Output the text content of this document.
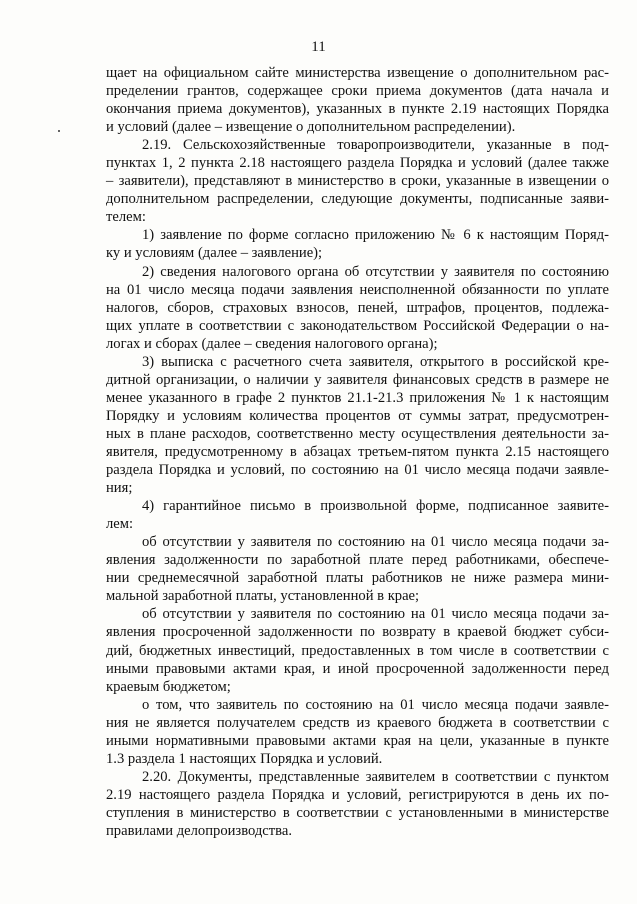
11
щает на официальном сайте министерства извещение о дополнительном рас-
пределении грантов, содержащее сроки приема документов (дата начала и
окончания приема документов), указанных в пункте 2.19 настоящих Порядка
и условий (далее – извещение о дополнительном распределении).
2.19. Сельскохозяйственные товаропроизводители, указанные в под-
пунктах 1, 2 пункта 2.18 настоящего раздела Порядка и условий (далее также
– заявители), представляют в министерство в сроки, указанные в извещении о
дополнительном распределении, следующие документы, подписанные заяви-
телем:
1) заявление по форме согласно приложению № 6 к настоящим Поряд-
ку и условиям (далее – заявление);
2) сведения налогового органа об отсутствии у заявителя по состоянию
на 01 число месяца подачи заявления неисполненной обязанности по уплате
налогов, сборов, страховых взносов, пеней, штрафов, процентов, подлежа-
щих уплате в соответствии с законодательством Российской Федерации о на-
логах и сборах (далее – сведения налогового органа);
3) выписка с расчетного счета заявителя, открытого в российской кре-
дитной организации, о наличии у заявителя финансовых средств в размере не
менее указанного в графе 2 пунктов 21.1-21.3 приложения № 1 к настоящим
Порядку и условиям количества процентов от суммы затрат, предусмотрен-
ных в плане расходов, соответственно месту осуществления деятельности за-
явителя, предусмотренному в абзацах третьем-пятом пункта 2.15 настоящего
раздела Порядка и условий, по состоянию на 01 число месяца подачи заявле-
ния;
4) гарантийное письмо в произвольной форме, подписанное заявите-
лем:
об отсутствии у заявителя по состоянию на 01 число месяца подачи за-
явления задолженности по заработной плате перед работниками, обеспече-
нии среднемесячной заработной платы работников не ниже размера мини-
мальной заработной платы, установленной в крае;
об отсутствии у заявителя по состоянию на 01 число месяца подачи за-
явления просроченной задолженности по возврату в краевой бюджет субси-
дий, бюджетных инвестиций, предоставленных в том числе в соответствии с
иными правовыми актами края, и иной просроченной задолженности перед
краевым бюджетом;
о том, что заявитель по состоянию на 01 число месяца подачи заявле-
ния не является получателем средств из краевого бюджета в соответствии с
иными нормативными правовыми актами края на цели, указанные в пункте
1.3 раздела 1 настоящих Порядка и условий.
2.20. Документы, представленные заявителем в соответствии с пунктом
2.19 настоящего раздела Порядка и условий, регистрируются в день их по-
ступления в министерство в соответствии с установленными в министерстве
правилами делопроизводства.
